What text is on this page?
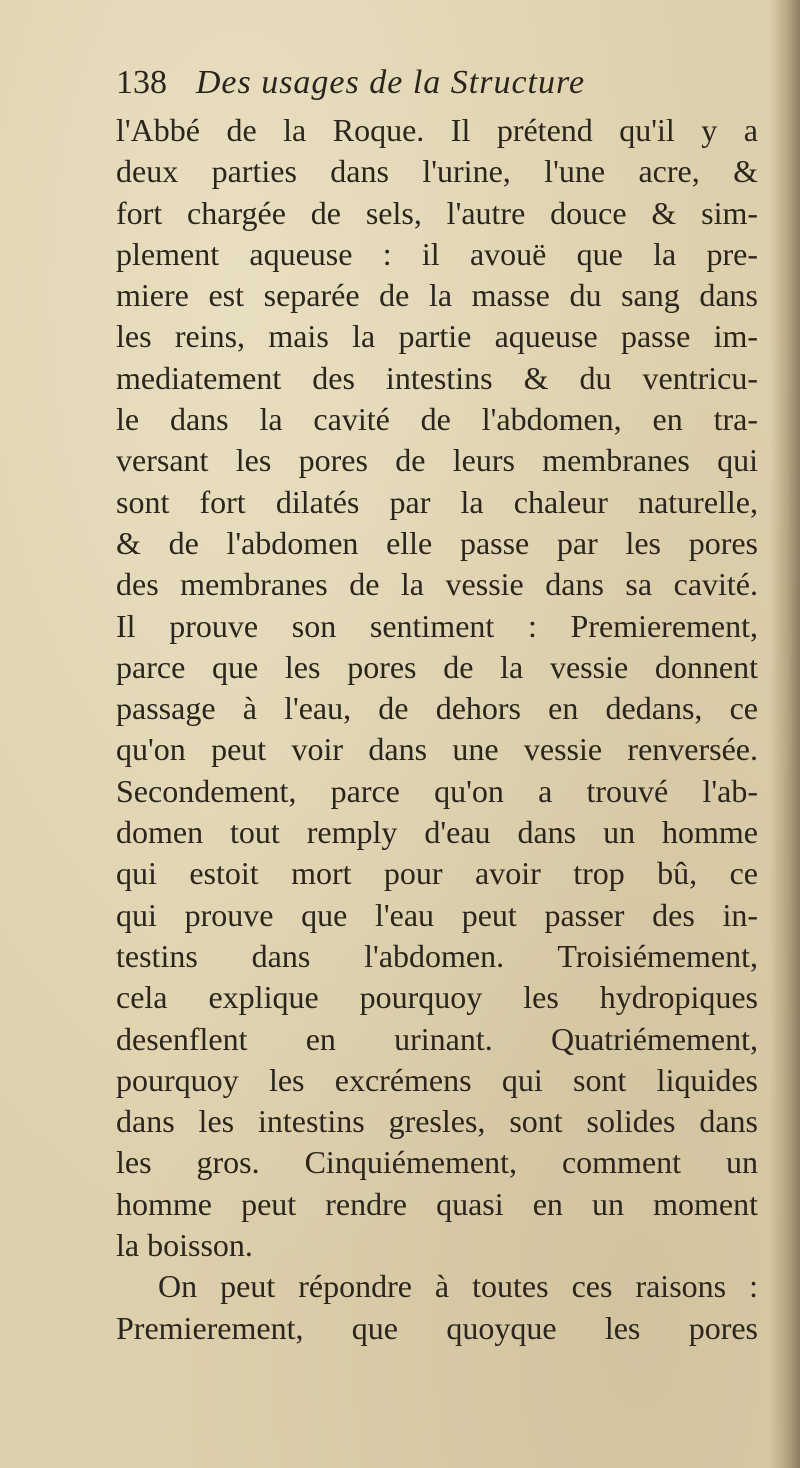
138 Des usages de la Structure
l'Abbé de la Roque. Il prétend qu'il y a
deux parties dans l'urine, l'une acre, &
fort chargée de sels, l'autre douce & sim-
plement aqueuse : il avouë que la pre-
miere est separée de la masse du sang dans
les reins, mais la partie aqueuse passe im-
mediatement des intestins & du ventricu-
le dans la cavité de l'abdomen, en tra-
versant les pores de leurs membranes qui
sont fort dilatés par la chaleur naturelle,
& de l'abdomen elle passe par les pores
des membranes de la vessie dans sa cavité.
Il prouve son sentiment : Premierement,
parce que les pores de la vessie donnent
passage à l'eau, de dehors en dedans, ce
qu'on peut voir dans une vessie renversée.
Secondement, parce qu'on a trouvé l'ab-
domen tout remply d'eau dans un homme
qui estoit mort pour avoir trop bû, ce
qui prouve que l'eau peut passer des in-
testins dans l'abdomen. Troisiémement,
cela explique pourquoy les hydropiques
desenflent en urinant. Quatriémement,
pourquoy les excrémens qui sont liquides
dans les intestins gresles, sont solides dans
les gros. Cinquiémement, comment un
homme peut rendre quasi en un moment
la boisson.
On peut répondre à toutes ces raisons :
Premierement, que quoyque les pores
